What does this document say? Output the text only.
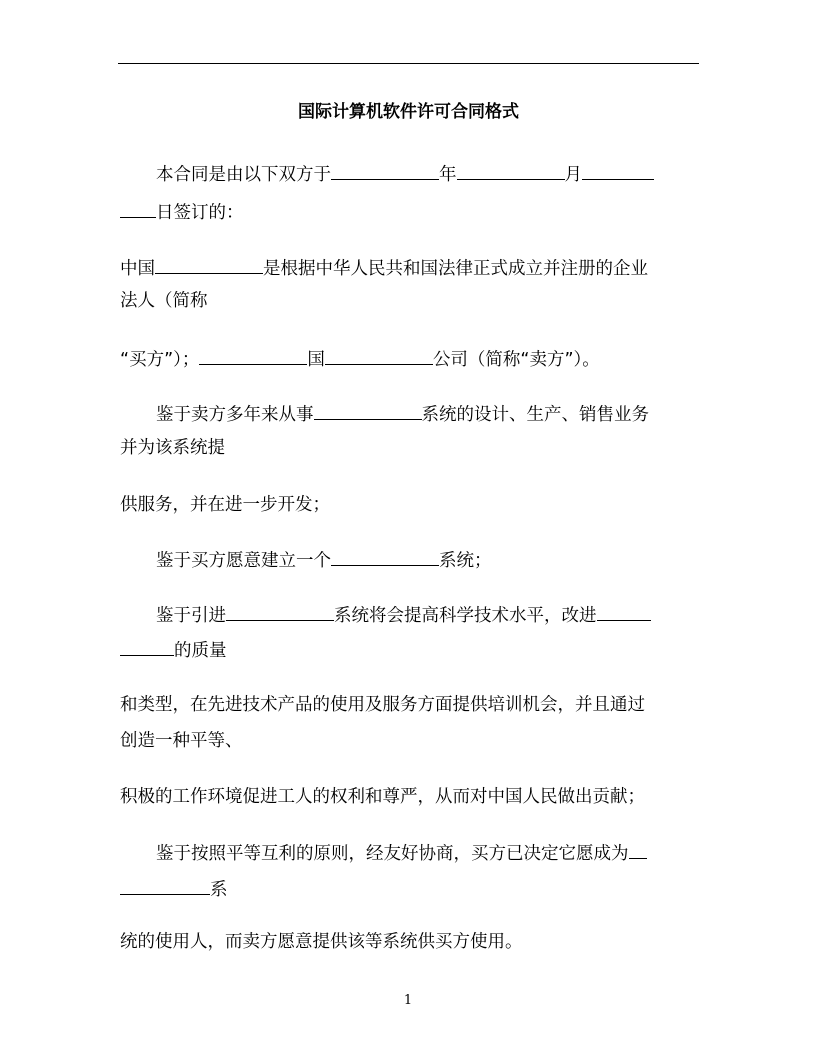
国际计算机软件许可合同格式
本合同是由以下双方于	年	月
日签订的：
中国	是根据中华人民共和国法律正式成立并注册的企业
法人（简称
“买方”）；	国	公司（简称“卖方”）。
鉴于卖方多年来从事	系统的设计、生产、销售业务
并为该系统提
供服务，并在进一步开发；
鉴于买方愿意建立一个	系统；
鉴于引进	系统将会提高科学技术水平，改进
的质量
和类型，在先进技术产品的使用及服务方面提供培训机会，并且通过
创造一种平等、
积极的工作环境促进工人的权利和尊严，从而对中国人民做出贡献；
鉴于按照平等互利的原则，经友好协商，买方已决定它愿成为
系
统的使用人，而卖方愿意提供该等系统供买方使用。
1
